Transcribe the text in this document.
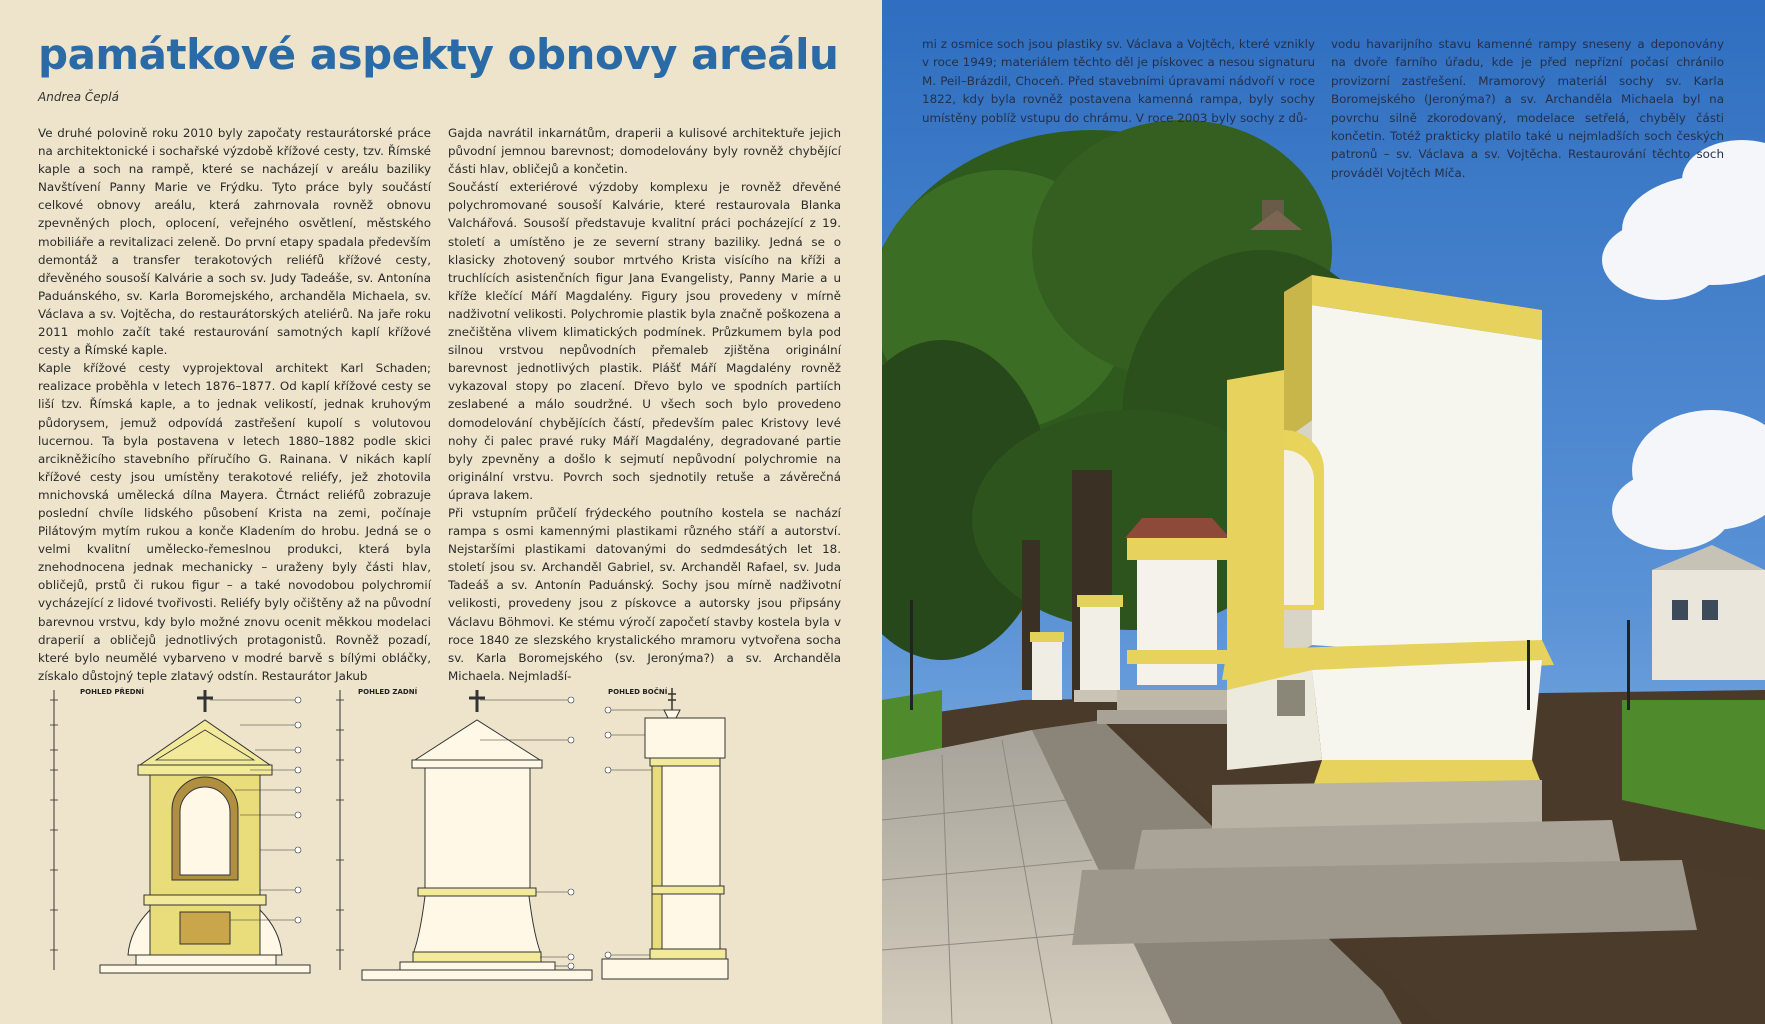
památkové aspekty obnovy areálu
Andrea Čeplá

Ve druhé polovině roku 2010 byly započaty restaurátorské práce na architektonické i sochařské výzdobě křížové cesty, tzv. Římské kaple a soch na rampě, které se nacházejí v areálu baziliky Navštívení Panny Marie ve Frýdku. Tyto práce byly součástí celkové obnovy areálu, která zahrnovala rovněž obnovu zpevněných ploch, oplocení, veřejného osvětlení, městského mobiliáře a revitalizaci zeleně. Do první etapy spadala především demontáž a transfer terakotových reliéfů křížové cesty, dřevěného sousoší Kalvárie a soch sv. Judy Tadeáše, sv. Antonína Paduánského, sv. Karla Boromejského, archanděla Michaela, sv. Václava a sv. Vojtěcha, do restaurátorských ateliérů. Na jaře roku 2011 mohlo začít také restaurování samotných kaplí křížové cesty a Římské kaple.

Kaple křížové cesty vyprojektoval architekt Karl Schaden; realizace proběhla v letech 1876–1877. Od kaplí křížové cesty se liší tzv. Římská kaple, a to jednak velikostí, jednak kruhovým půdorysem, jemuž odpovídá zastřešení kupolí s volutovou lucernou. Ta byla postavena v letech 1880–1882 podle skici arcikněžicího stavebního příručího G. Rainana. V nikách kaplí křížové cesty jsou umístěny terakotové reliéfy, jež zhotovila mnichovská umělecká dílna Mayera. Čtrnáct reliéfů zobrazuje poslední chvíle lidského působení Krista na zemi, počínaje Pilátovým mytím rukou a konče Kladením do hrobu. Jedná se o velmi kvalitní umělecko-řemeslnou produkci, která byla znehodnocena jednak mechanicky – uraženy byly části hlav, obličejů, prstů či rukou figur – a také novodobou polychromií vycházející z lidové tvořivosti. Reliéfy byly očištěny až na původní barevnou vrstvu, kdy bylo možné znovu ocenit měkkou modelaci draperií a obličejů jednotlivých protagonistů. Rovněž pozadí, které bylo neumělé vybarveno v modré barvě s bílými obláčky, získalo důstojný teple zlatavý odstín. Restaurátor Jakub

Gajda navrátil inkarnátům, draperii a kulisové architektuře jejich původní jemnou barevnost; domodelovány byly rovněž chybějící části hlav, obličejů a končetin.

Součástí exteriérové výzdoby komplexu je rovněž dřevěné polychromované sousoší Kalvárie, které restaurovala Blanka Valchářová. Sousoší představuje kvalitní práci pocházející z 19. století a umístěno je ze severní strany baziliky. Jedná se o klasicky zhotovený soubor mrtvého Krista visícího na kříži a truchlících asistenčních figur Jana Evangelisty, Panny Marie a u kříže klečící Máří Magdalény. Figury jsou provedeny v mírně nadživotní velikosti. Polychromie plastik byla značně poškozena a znečištěna vlivem klimatických podmínek. Průzkumem byla pod silnou vrstvou nepůvodních přemaleb zjištěna originální barevnost jednotlivých plastik. Plášť Máří Magdalény rovněž vykazoval stopy po zlacení. Dřevo bylo ve spodních partiích zeslabené a málo soudržné. U všech soch bylo provedeno domodelování chybějících částí, především palec Kristovy levé nohy či palec pravé ruky Máří Magdalény, degradované partie byly zpevněny a došlo k sejmutí nepůvodní polychromie na originální vrstvu. Povrch soch sjednotily retuše a závěrečná úprava lakem.

Při vstupním průčelí frýdeckého poutního kostela se nachází rampa s osmi kamennými plastikami různého stáří a autorství. Nejstaršími plastikami datovanými do sedmdesátých let 18. století jsou sv. Archanděl Gabriel, sv. Archanděl Rafael, sv. Juda Tadeáš a sv. Antonín Paduánský. Sochy jsou mírně nadživotní velikosti, provedeny jsou z pískovce a autorsky jsou připsány Václavu Böhmovi. Ke stému výročí započetí stavby kostela byla v roce 1840 ze slezského krystalického mramoru vytvořena socha sv. Karla Boromejského (sv. Jeronýma?) a sv. Archanděla Michaela. Nejmladší-

POHLED PŘEDNÍ	POHLED ZADNÍ	POHLED BOČNÍ

mi z osmice soch jsou plastiky sv. Václava a Vojtěch, které vznikly v roce 1949; materiálem těchto děl je pískovec a nesou signaturu M. Peil–Brázdil, Choceň. Před stavebními úpravami nádvoří v roce 1822, kdy byla rovněž postavena kamenná rampa, byly sochy umístěny poblíž vstupu do chrámu. V roce 2003 byly sochy z dů-

vodu havarijního stavu kamenné rampy sneseny a deponovány na dvoře farního úřadu, kde je před nepřízní počasí chránilo provizorní zastřešení. Mramorový materiál sochy sv. Karla Boromejského (Jeronýma?) a sv. Archanděla Michaela byl na povrchu silně zkorodovaný, modelace setřelá, chyběly části končetin. Totéž prakticky platilo také u nejmladších soch českých patronů – sv. Václava a sv. Vojtěcha. Restaurování těchto soch prováděl Vojtěch Míča.
